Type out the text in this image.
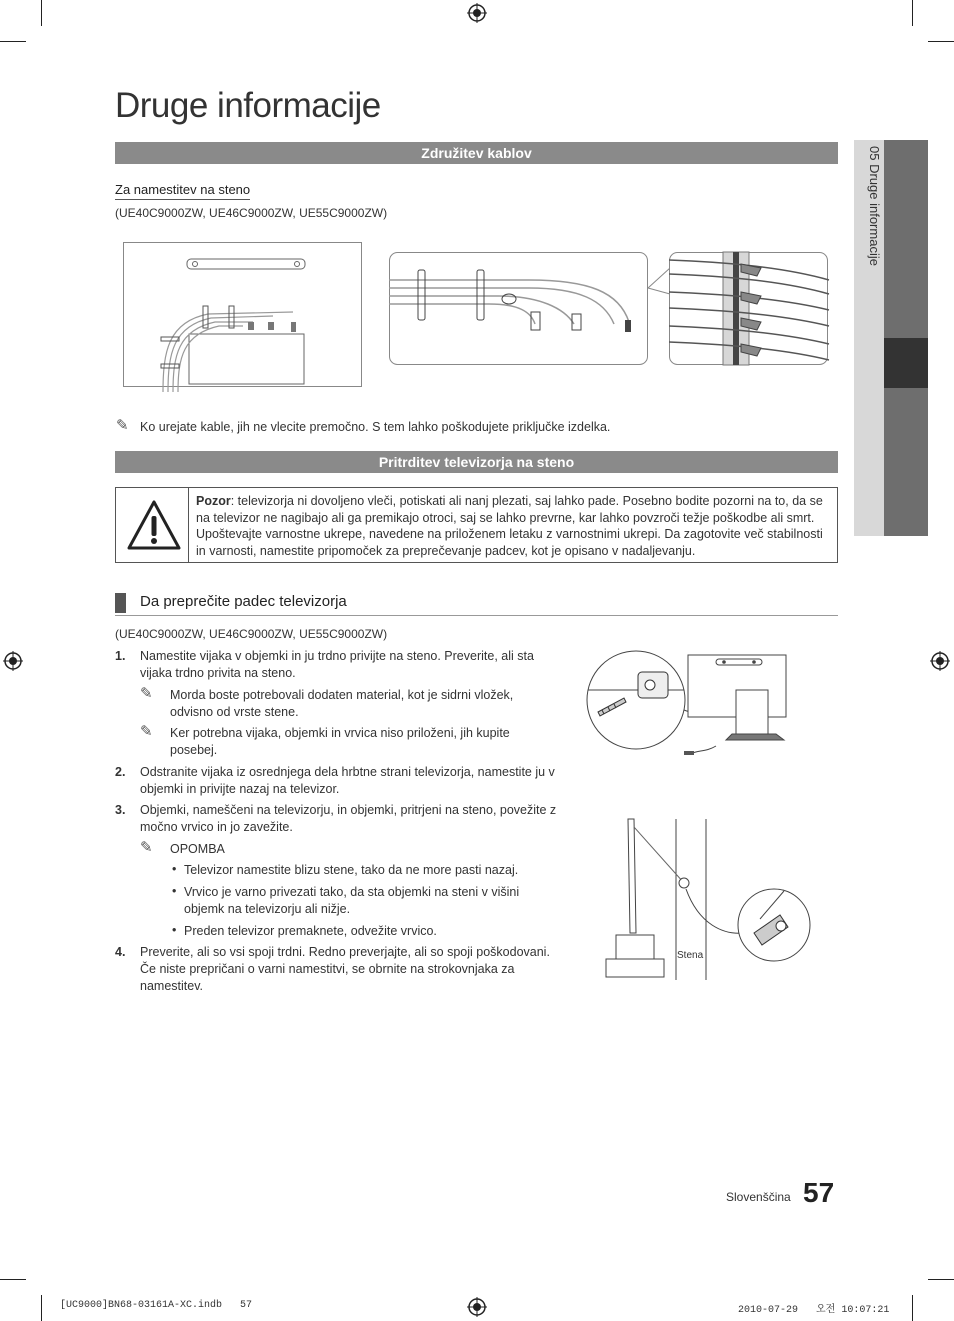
05 Druge informacije
Druge informacije
Združitev kablov
Za namestitev na steno
(UE40C9000ZW, UE46C9000ZW, UE55C9000ZW)
✎ Ko urejate kable, jih ne vlecite premočno. S tem lahko poškodujete priključke izdelka.
Pritrditev televizorja na steno
Pozor: televizorja ni dovoljeno vleči, potiskati ali nanj plezati, saj lahko pade. Posebno bodite pozorni na to, da se na televizor ne nagibajo ali ga premikajo otroci, saj se lahko prevrne, kar lahko povzroči težje poškodbe ali smrt. Upoštevajte varnostne ukrepe, navedene na priloženem letaku z varnostnimi ukrepi. Da zagotovite več stabilnosti in varnosti, namestite pripomoček za preprečevanje padcev, kot je opisano v nadaljevanju.
Da preprečite padec televizorja
(UE40C9000ZW, UE46C9000ZW, UE55C9000ZW)
1. Namestite vijaka v objemki in ju trdno privijte na steno. Preverite, ali sta vijaka trdno privita na steno.
✎ Morda boste potrebovali dodaten material, kot je sidrni vložek, odvisno od vrste stene.
✎ Ker potrebna vijaka, objemki in vrvica niso priloženi, jih kupite posebej.
2. Odstranite vijaka iz osrednjega dela hrbtne strani televizorja, namestite ju v objemki in privijte nazaj na televizor.
3. Objemki, nameščeni na televizorju, in objemki, pritrjeni na steno, povežite z močno vrvico in jo zavežite.
✎ OPOMBA
• Televizor namestite blizu stene, tako da ne more pasti nazaj.
• Vrvico je varno privezati tako, da sta objemki na steni v višini objemk na televizorju ali nižje.
• Preden televizor premaknete, odvežite vrvico.
4. Preverite, ali so vsi spoji trdni. Redno preverjajte, ali so spoji poškodovani. Če niste prepričani o varni namestitvi, se obrnite na strokovnjaka za namestitev.
Stena
Slovenščina 57
[UC9000]BN68-03161A-XC.indb   57	2010-07-29   오전 10:07:21
